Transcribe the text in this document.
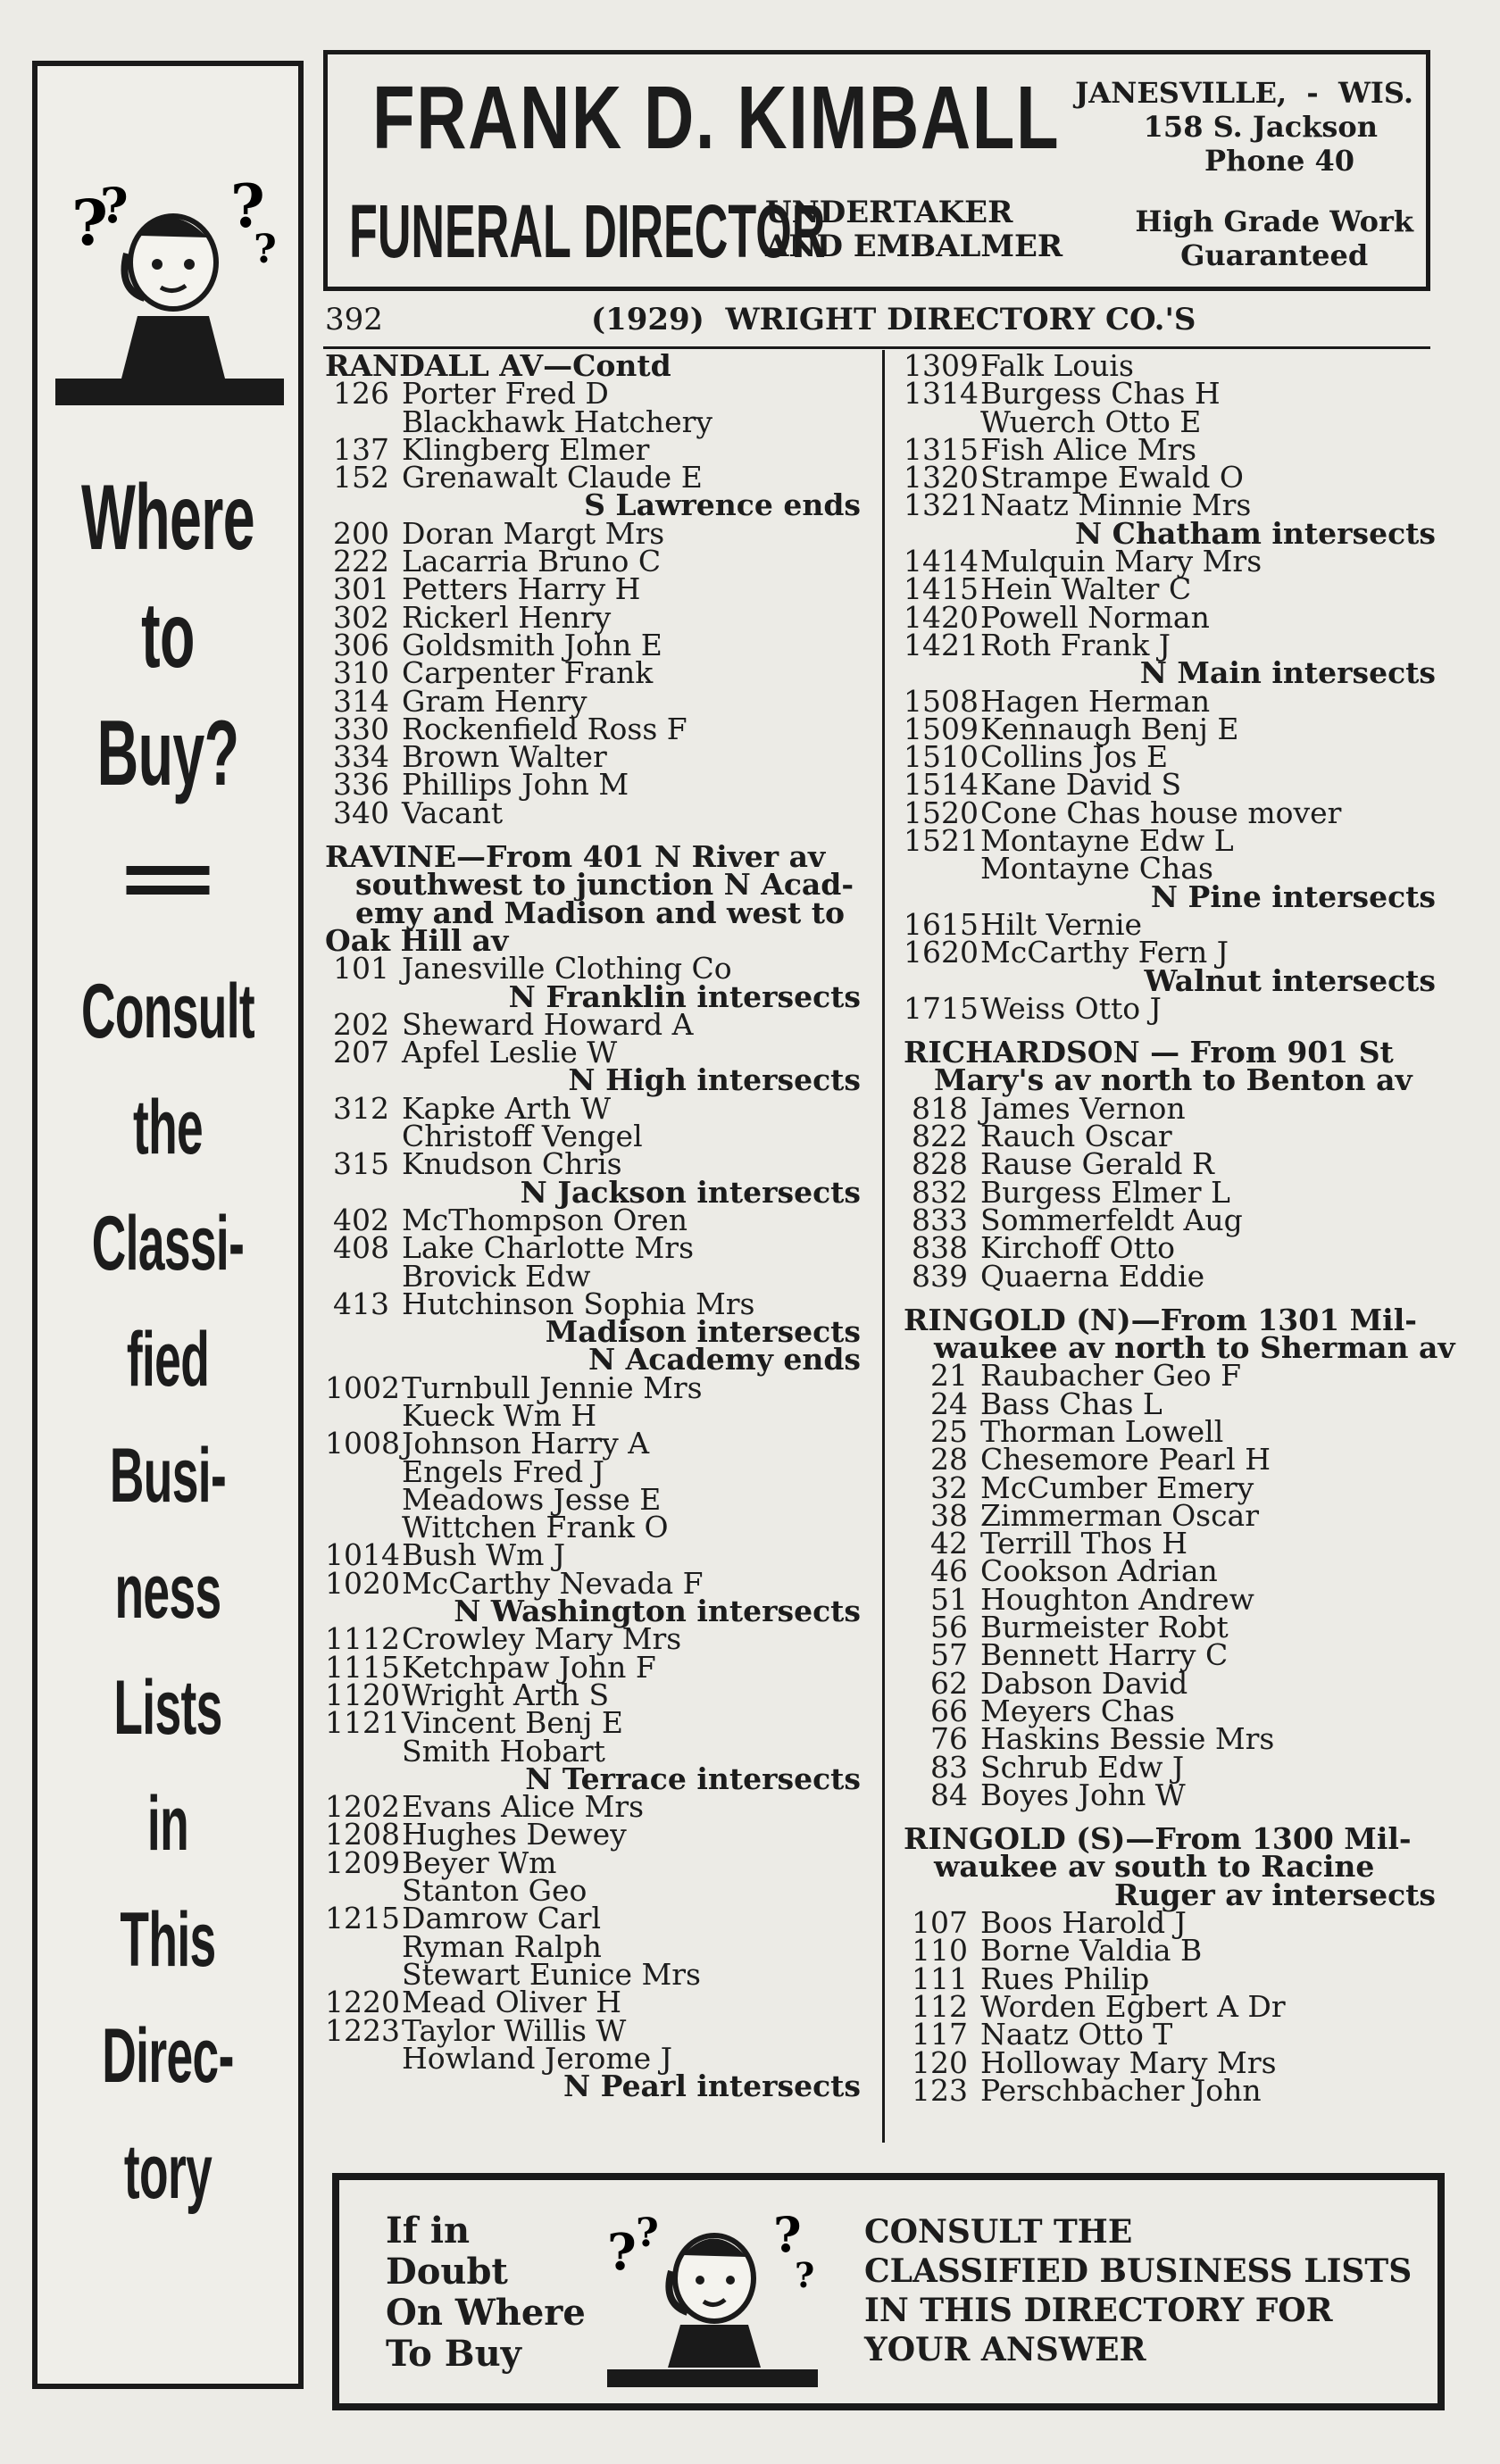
?
? ?
?
Where
to
Buy?
Consult
the
Classi-
fied
Busi-
ness
Lists
in
This
Direc-
tory
FRANK D. KIMBALL
FUNERAL DIRECTOR
UNDERTAKER
AND EMBALMER
JANESVILLE,  -  WIS.
158 S. Jackson
Phone 40
High Grade Work
Guaranteed
392	(1929)  WRIGHT DIRECTORY CO.'S
RANDALL AV—Contd
126 Porter Fred D
Blackhawk Hatchery
137 Klingberg Elmer
152 Grenawalt Claude E
S Lawrence ends
200 Doran Margt Mrs
222 Lacarria Bruno C
301 Petters Harry H
302 Rickerl Henry
306 Goldsmith John E
310 Carpenter Frank
314 Gram Henry
330 Rockenfield Ross F
334 Brown Walter
336 Phillips John M
340 Vacant
RAVINE—From 401 N River av
southwest to junction N Acad-
emy and Madison and west to
Oak Hill av
101 Janesville Clothing Co
N Franklin intersects
202 Sheward Howard A
207 Apfel Leslie W
N High intersects
312 Kapke Arth W
Christoff Vengel
315 Knudson Chris
N Jackson intersects
402 McThompson Oren
408 Lake Charlotte Mrs
Brovick Edw
413 Hutchinson Sophia Mrs
Madison intersects
N Academy ends
1002 Turnbull Jennie Mrs
Kueck Wm H
1008 Johnson Harry A
Engels Fred J
Meadows Jesse E
Wittchen Frank O
1014 Bush Wm J
1020 McCarthy Nevada F
N Washington intersects
1112 Crowley Mary Mrs
1115 Ketchpaw John F
1120 Wright Arth S
1121 Vincent Benj E
Smith Hobart
N Terrace intersects
1202 Evans Alice Mrs
1208 Hughes Dewey
1209 Beyer Wm
Stanton Geo
1215 Damrow Carl
Ryman Ralph
Stewart Eunice Mrs
1220 Mead Oliver H
1223 Taylor Willis W
Howland Jerome J
N Pearl intersects
1309 Falk Louis
1314 Burgess Chas H
Wuerch Otto E
1315 Fish Alice Mrs
1320 Strampe Ewald O
1321 Naatz Minnie Mrs
N Chatham intersects
1414 Mulquin Mary Mrs
1415 Hein Walter C
1420 Powell Norman
1421 Roth Frank J
N Main intersects
1508 Hagen Herman
1509 Kennaugh Benj E
1510 Collins Jos E
1514 Kane David S
1520 Cone Chas house mover
1521 Montayne Edw L
Montayne Chas
N Pine intersects
1615 Hilt Vernie
1620 McCarthy Fern J
Walnut intersects
1715 Weiss Otto J
RICHARDSON — From 901 St
Mary's av north to Benton av
818 James Vernon
822 Rauch Oscar
828 Rause Gerald R
832 Burgess Elmer L
833 Sommerfeldt Aug
838 Kirchoff Otto
839 Quaerna Eddie
RINGOLD (N)—From 1301 Mil-
waukee av north to Sherman av
21 Raubacher Geo F
24 Bass Chas L
25 Thorman Lowell
28 Chesemore Pearl H
32 McCumber Emery
38 Zimmerman Oscar
42 Terrill Thos H
46 Cookson Adrian
51 Houghton Andrew
56 Burmeister Robt
57 Bennett Harry C
62 Dabson David
66 Meyers Chas
76 Haskins Bessie Mrs
83 Schrub Edw J
84 Boyes John W
RINGOLD (S)—From 1300 Mil-
waukee av south to Racine
Ruger av intersects
107 Boos Harold J
110 Borne Valdia B
111 Rues Philip
112 Worden Egbert A Dr
117 Naatz Otto T
120 Holloway Mary Mrs
123 Perschbacher John
If in
Doubt
On Where
To Buy
? ? ?
?
CONSULT THE
CLASSIFIED BUSINESS LISTS
IN THIS DIRECTORY FOR
YOUR ANSWER
